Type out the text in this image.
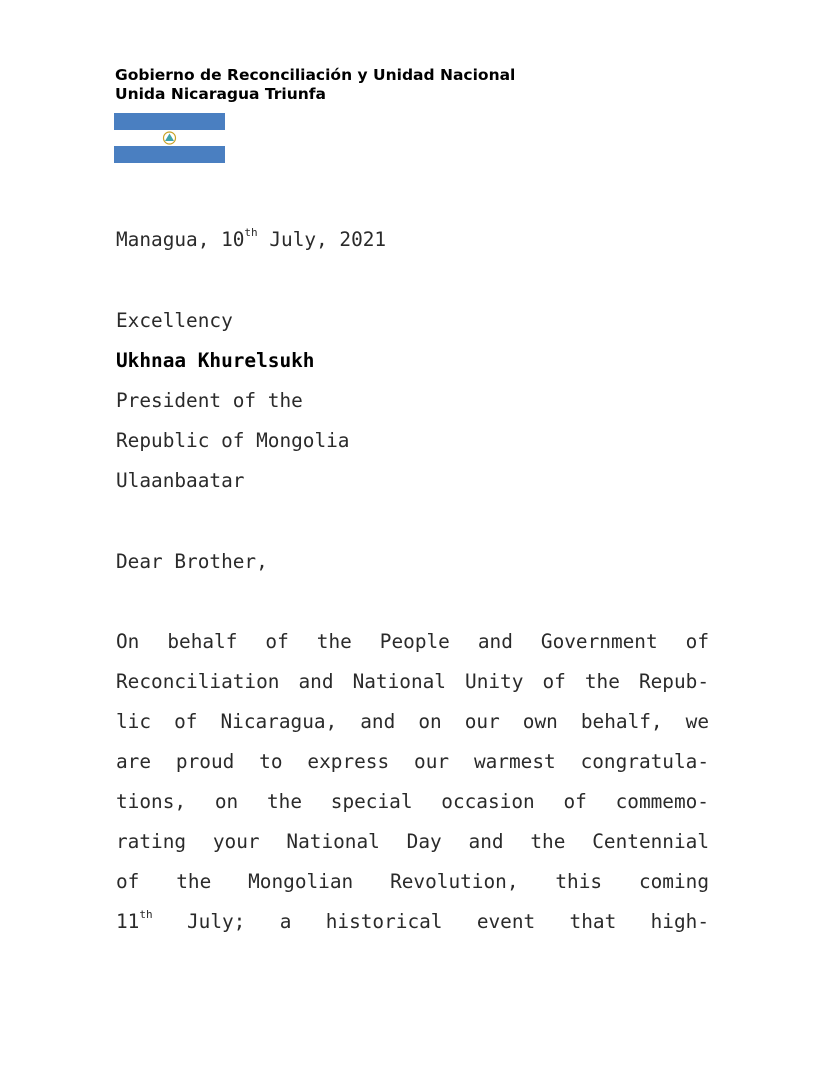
Gobierno de Reconciliación y Unidad Nacional
Unida Nicaragua Triunfa
Managua, 10th July, 2021
Excellency
Ukhnaa Khurelsukh
President of the
Republic of Mongolia
Ulaanbaatar
Dear Brother,
On behalf of the People and Government of
Reconciliation and National Unity of the Repub-
lic of Nicaragua, and on our own behalf, we
are proud to express our warmest congratula-
tions, on the special occasion of commemo-
rating your National Day and the Centennial
of the Mongolian Revolution, this coming
11th July; a historical event that high-
